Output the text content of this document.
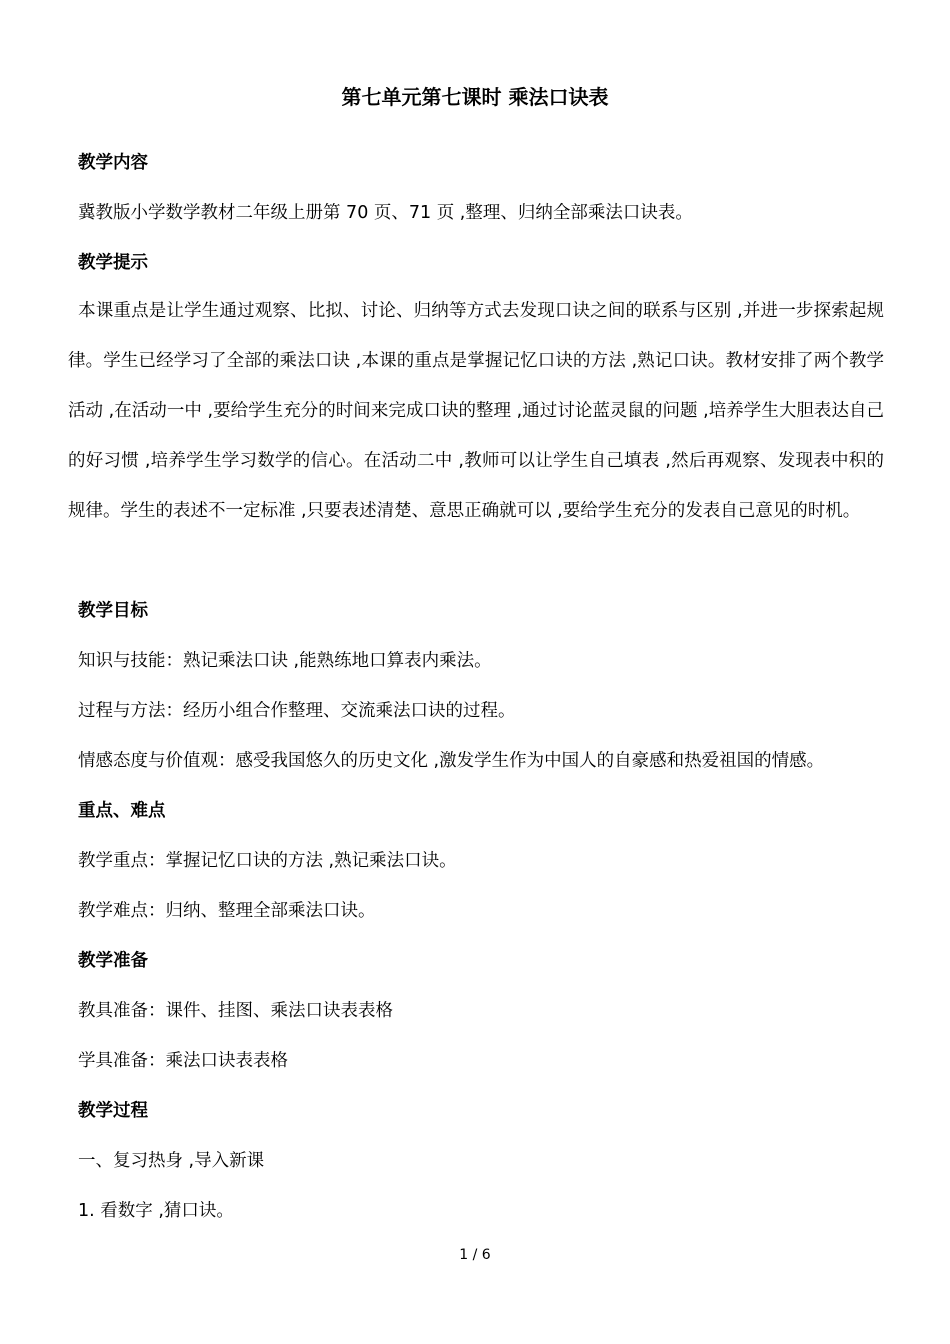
第七单元第七课时 乘法口诀表
教学内容
冀教版小学数学教材二年级上册第 70 页、71 页 ,整理、归纳全部乘法口诀表。
教学提示
本课重点是让学生通过观察、比拟、讨论、归纳等方式去发现口诀之间的联系与区别 ,并进一步探索起规律。学生已经学习了全部的乘法口诀 ,本课的重点是掌握记忆口诀的方法 ,熟记口诀。教材安排了两个教学活动 ,在活动一中 ,要给学生充分的时间来完成口诀的整理 ,通过讨论蓝灵鼠的问题 ,培养学生大胆表达自己的好习惯 ,培养学生学习数学的信心。在活动二中 ,教师可以让学生自己填表 ,然后再观察、发现表中积的规律。学生的表述不一定标准 ,只要表述清楚、意思正确就可以 ,要给学生充分的发表自己意见的时机。
教学目标
知识与技能：熟记乘法口诀 ,能熟练地口算表内乘法。
过程与方法：经历小组合作整理、交流乘法口诀的过程。
情感态度与价值观：感受我国悠久的历史文化 ,激发学生作为中国人的自豪感和热爱祖国的情感。
重点、难点
教学重点：掌握记忆口诀的方法 ,熟记乘法口诀。
教学难点：归纳、整理全部乘法口诀。
教学准备
教具准备：课件、挂图、乘法口诀表表格
学具准备：乘法口诀表表格
教学过程
一、复习热身 ,导入新课
1. 看数字 ,猜口诀。
1 / 6
